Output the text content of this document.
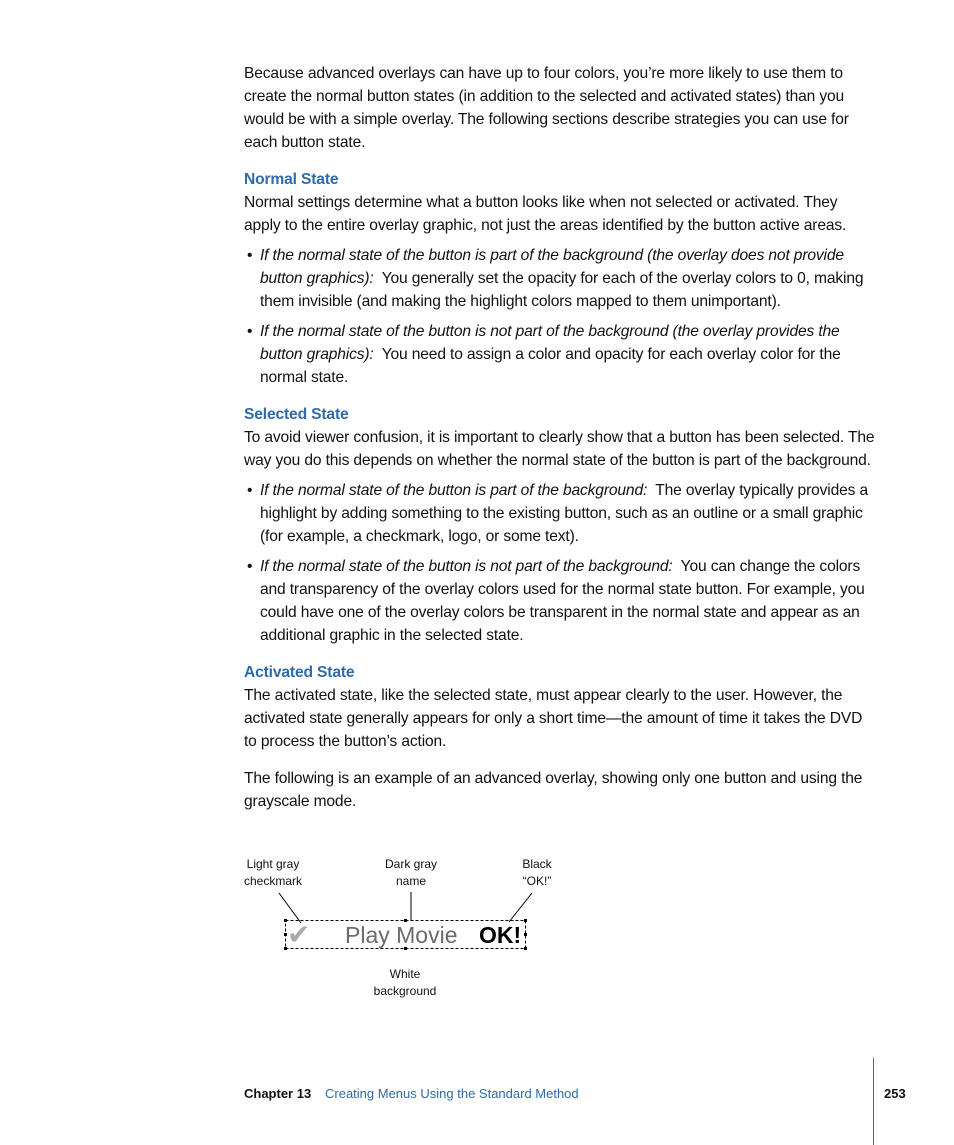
Because advanced overlays can have up to four colors, you’re more likely to use them to create the normal button states (in addition to the selected and activated states) than you would be with a simple overlay. The following sections describe strategies you can use for each button state.

Normal State

Normal settings determine what a button looks like when not selected or activated. They apply to the entire overlay graphic, not just the areas identified by the button active areas.

• If the normal state of the button is part of the background (the overlay does not provide button graphics): You generally set the opacity for each of the overlay colors to 0, making them invisible (and making the highlight colors mapped to them unimportant).
• If the normal state of the button is not part of the background (the overlay provides the button graphics): You need to assign a color and opacity for each overlay color for the normal state.
Selected State

To avoid viewer confusion, it is important to clearly show that a button has been selected. The way you do this depends on whether the normal state of the button is part of the background.

• If the normal state of the button is part of the background: The overlay typically provides a highlight by adding something to the existing button, such as an outline or a small graphic (for example, a checkmark, logo, or some text).
• If the normal state of the button is not part of the background: You can change the colors and transparency of the overlay colors used for the normal state button. For example, you could have one of the overlay colors be transparent in the normal state and appear as an additional graphic in the selected state.
Activated State

The activated state, like the selected state, must appear clearly to the user. However, the activated state generally appears for only a short time—the amount of time it takes the DVD to process the button’s action.

The following is an example of an advanced overlay, showing only one button and using the grayscale mode.

Light gray
checkmark
Dark gray
name
Black
“OK!”
White
background
✔ Play Movie OK!
Chapter 13 Creating Menus Using the Standard Method	253
